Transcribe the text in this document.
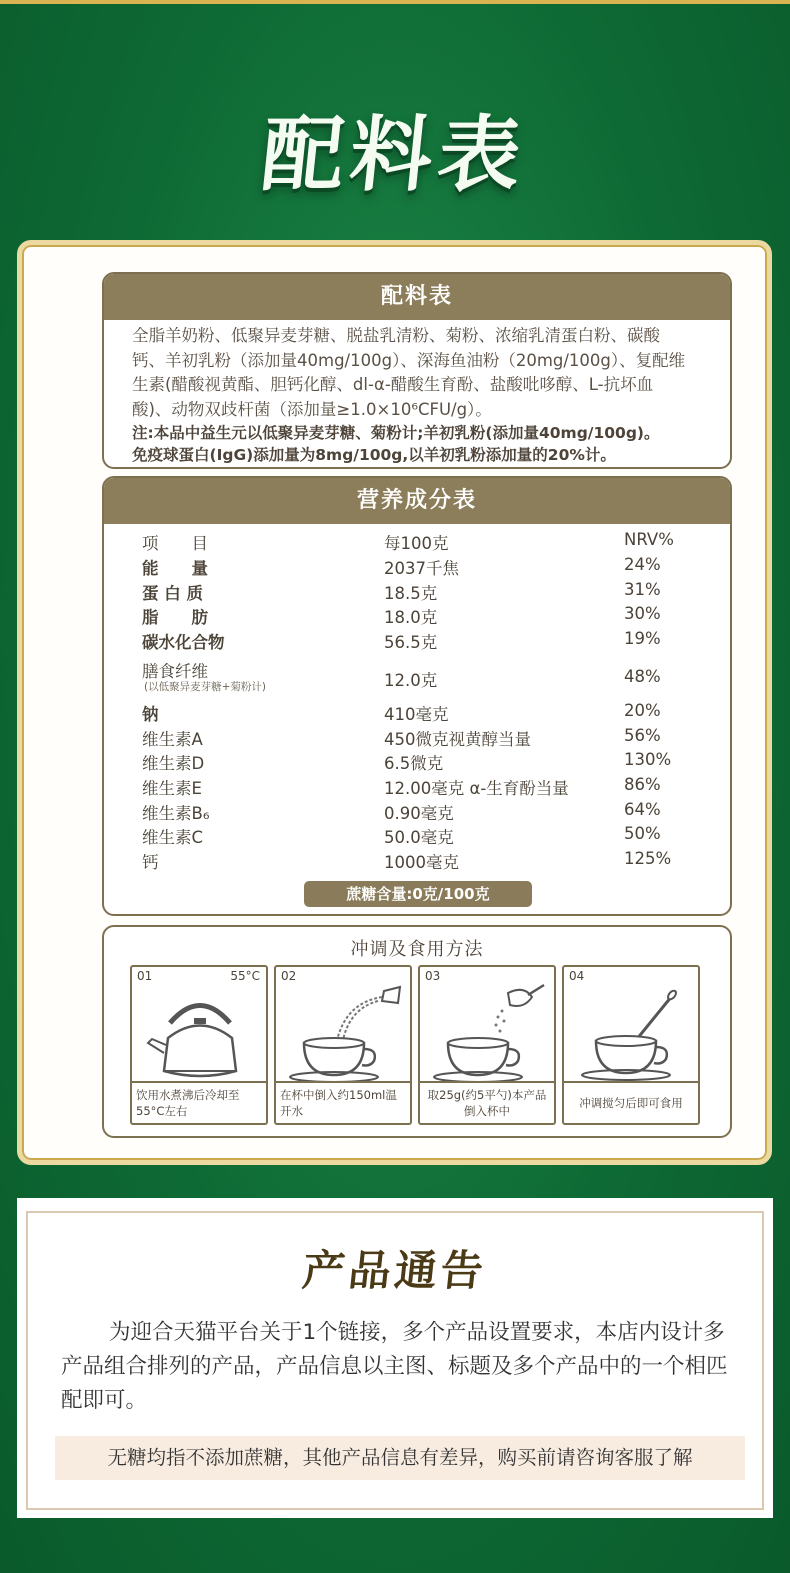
配料表
配料表
全脂羊奶粉、低聚异麦芽糖、脱盐乳清粉、菊粉、浓缩乳清蛋白粉、碳酸
钙、羊初乳粉（添加量40mg/100g）、深海鱼油粉（20mg/100g）、复配维
生素(醋酸视黄酯、胆钙化醇、dl-α-醋酸生育酚、盐酸吡哆醇、L-抗坏血
酸)、动物双歧杆菌（添加量≥1.0×10⁶CFU/g）。
注:本品中益生元以低聚异麦芽糖、菊粉计;羊初乳粉(添加量40mg/100g)。
免疫球蛋白(IgG)添加量为8mg/100g,以羊初乳粉添加量的20%计。
营养成分表
项　　目	每100克	NRV%
能　　量	2037千焦	24%
蛋 白 质	18.5克	31%
脂　　肪	18.0克	30%
碳水化合物	56.5克	19%
膳食纤维
(以低聚异麦芽糖+菊粉计)	12.0克	48%
钠	410毫克	20%
维生素A	450微克视黄醇当量	56%
维生素D	6.5微克	130%
维生素E	12.00毫克 α-生育酚当量	86%
维生素B₆	0.90毫克	64%
维生素C	50.0毫克	50%
钙	1000毫克	125%
蔗糖含量:0克/100克
冲调及食用方法
01	55°C
饮用水煮沸后冷却至55°C左右
02
在杯中倒入约150ml温开水
03
取25g(约5平勺)本产品倒入杯中
04
冲调搅匀后即可食用
产品通告
为迎合天猫平台关于1个链接，多个产品设置要求，本店内设计多产品组合排列的产品，产品信息以主图、标题及多个产品中的一个相匹配即可。
无糖均指不添加蔗糖，其他产品信息有差异，购买前请咨询客服了解
